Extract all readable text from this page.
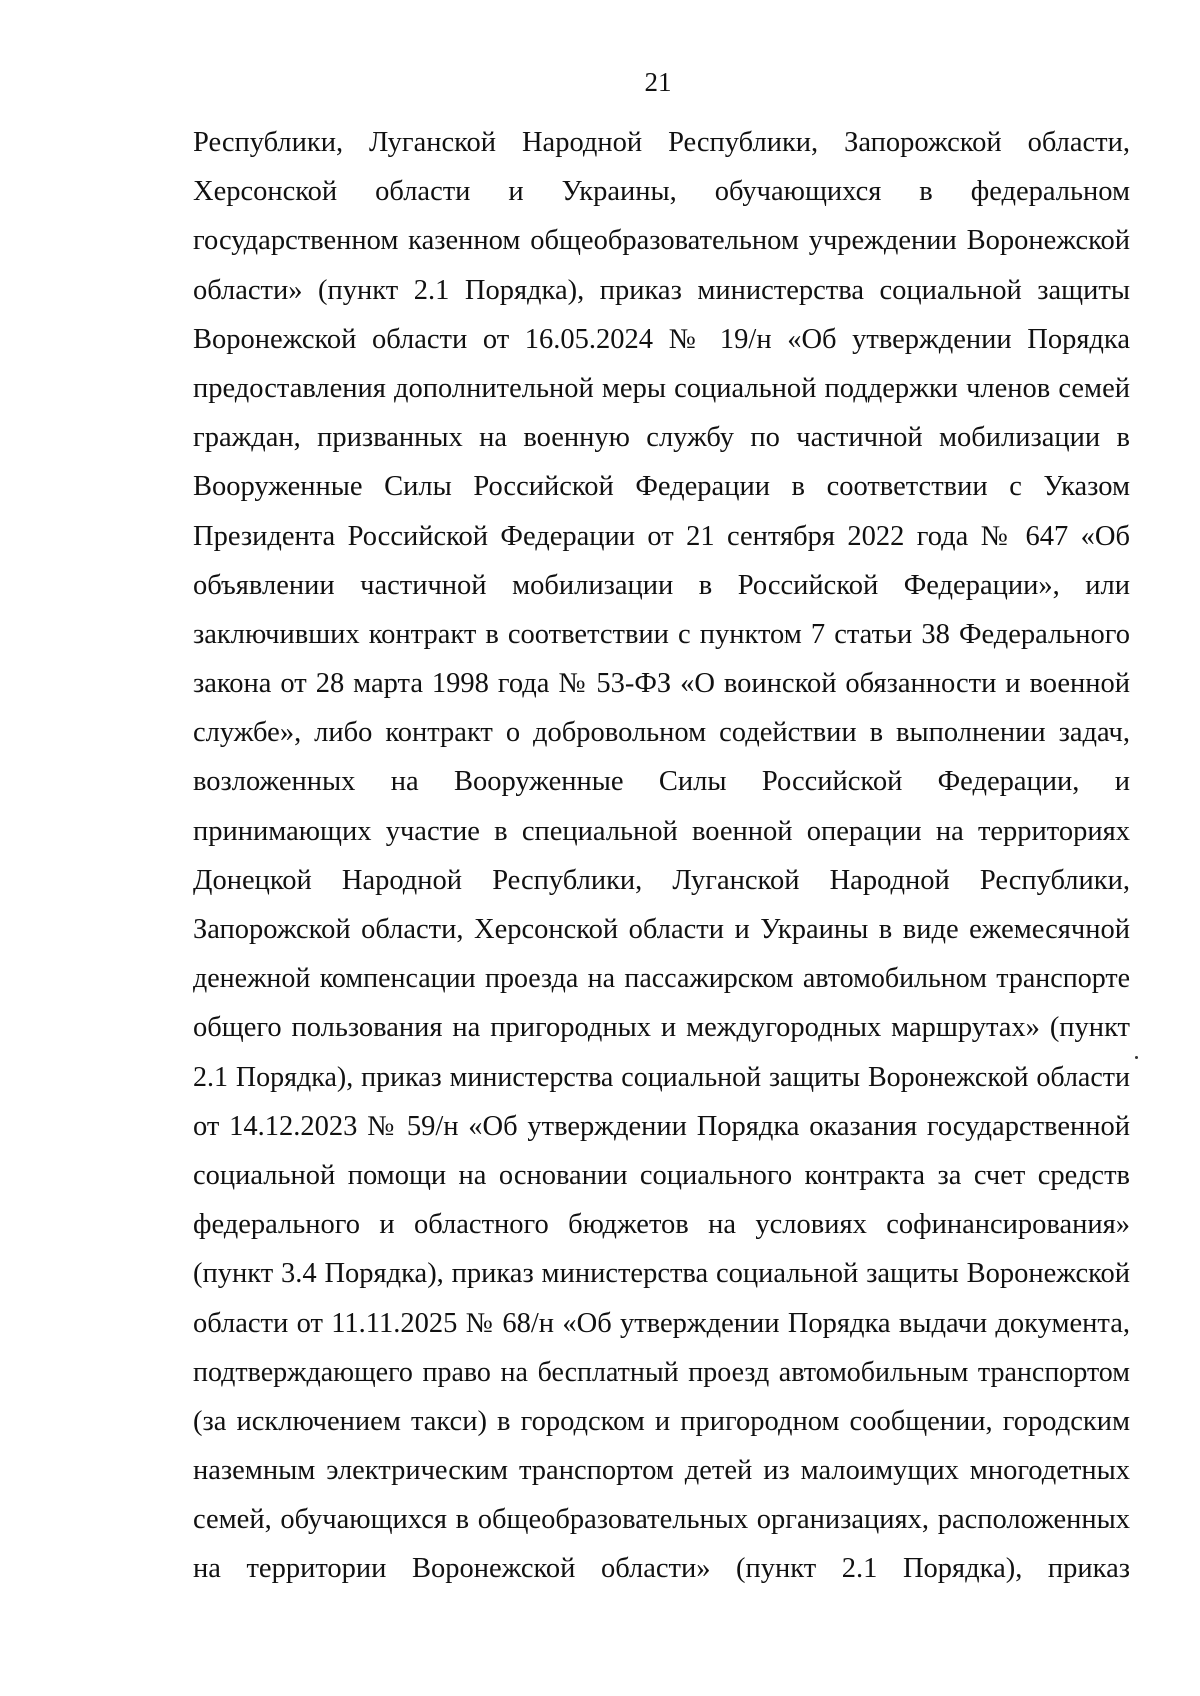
21
Республики, Луганской Народной Республики, Запорожской области,
Херсонской области и Украины, обучающихся в федеральном
государственном казенном общеобразовательном учреждении Воронежской
области» (пункт 2.1 Порядка), приказ министерства социальной защиты
Воронежской области от 16.05.2024 № 19/н «Об утверждении Порядка
предоставления дополнительной меры социальной поддержки членов семей
граждан, призванных на военную службу по частичной мобилизации в
Вооруженные Силы Российской Федерации в соответствии с Указом
Президента Российской Федерации от 21 сентября 2022 года № 647 «Об
объявлении частичной мобилизации в Российской Федерации», или
заключивших контракт в соответствии с пунктом 7 статьи 38 Федерального
закона от 28 марта 1998 года № 53-ФЗ «О воинской обязанности и военной
службе», либо контракт о добровольном содействии в выполнении задач,
возложенных на Вооруженные Силы Российской Федерации, и
принимающих участие в специальной военной операции на территориях
Донецкой Народной Республики, Луганской Народной Республики,
Запорожской области, Херсонской области и Украины в виде ежемесячной
денежной компенсации проезда на пассажирском автомобильном транспорте
общего пользования на пригородных и междугородных маршрутах» (пункт
2.1 Порядка), приказ министерства социальной защиты Воронежской области
от 14.12.2023 № 59/н «Об утверждении Порядка оказания государственной
социальной помощи на основании социального контракта за счет средств
федерального и областного бюджетов на условиях софинансирования»
(пункт 3.4 Порядка), приказ министерства социальной защиты Воронежской
области от 11.11.2025 № 68/н «Об утверждении Порядка выдачи документа,
подтверждающего право на бесплатный проезд автомобильным транспортом
(за исключением такси) в городском и пригородном сообщении, городским
наземным электрическим транспортом детей из малоимущих многодетных
семей, обучающихся в общеобразовательных организациях, расположенных
на территории Воронежской области» (пункт 2.1 Порядка), приказ
